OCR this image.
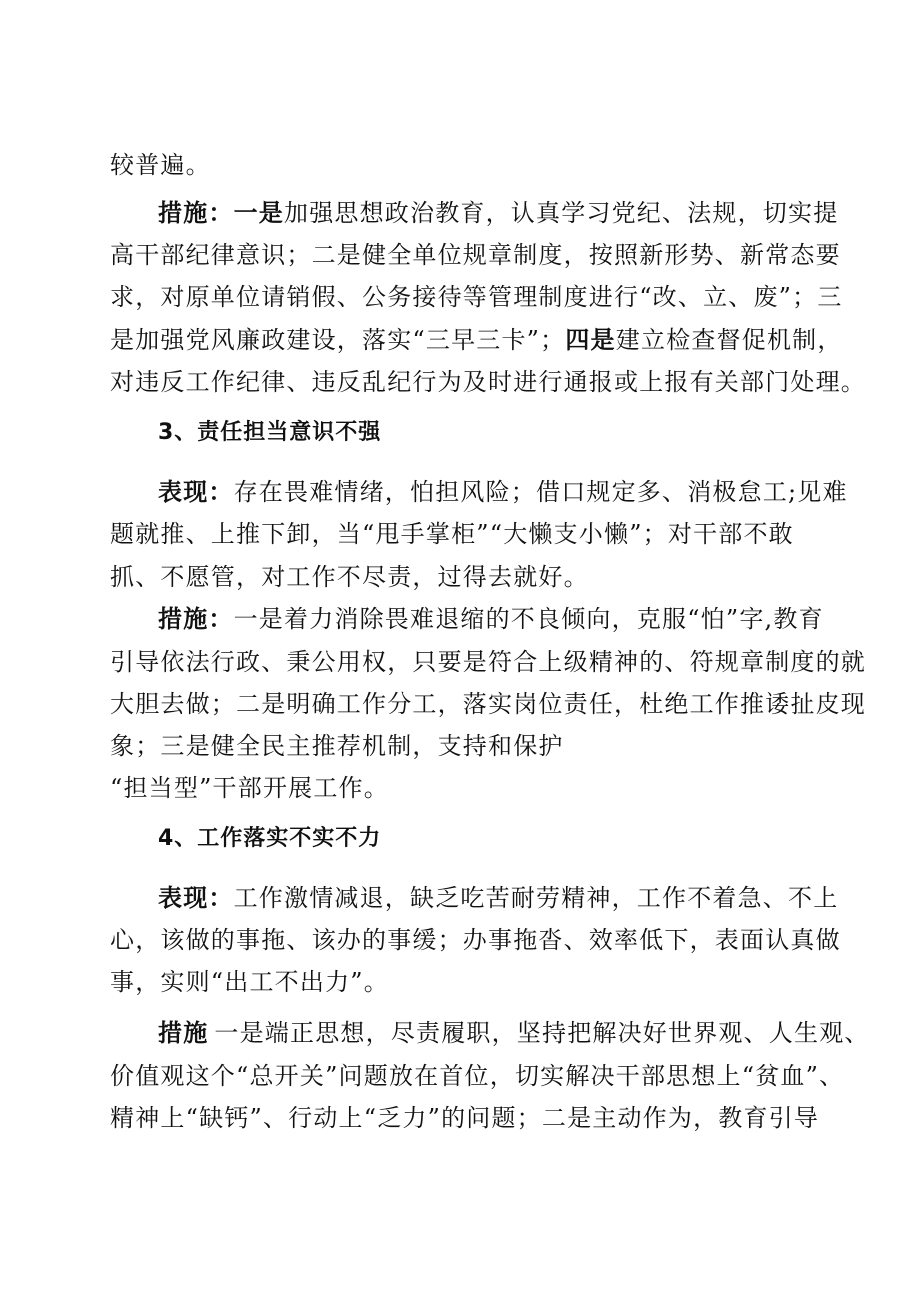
较普遍。
措施：一是加强思想政治教育，认真学习党纪、法规，切实提
高干部纪律意识；二是健全单位规章制度，按照新形势、新常态要
求，对原单位请销假、公务接待等管理制度进行“改、立、废”；三
是加强党风廉政建设，落实“三早三卡”；四是建立检查督促机制，
对违反工作纪律、违反乱纪行为及时进行通报或上报有关部门处理。
3、责任担当意识不强
表现：存在畏难情绪，怕担风险；借口规定多、消极怠工;见难
题就推、上推下卸，当“甩手掌柜”“大懒支小懒”；对干部不敢
抓、不愿管，对工作不尽责，过得去就好。
措施：一是着力消除畏难退缩的不良倾向，克服“怕”字,教育
引导依法行政、秉公用权，只要是符合上级精神的、符规章制度的就
大胆去做；二是明确工作分工，落实岗位责任，杜绝工作推诿扯皮现
象；三是健全民主推荐机制，支持和保护
“担当型”干部开展工作。
4、工作落实不实不力
表现：工作激情减退，缺乏吃苦耐劳精神，工作不着急、不上
心，该做的事拖、该办的事缓；办事拖沓、效率低下，表面认真做
事，实则“出工不出力”。
措施 一是端正思想，尽责履职，坚持把解决好世界观、人生观、
价值观这个“总开关”问题放在首位，切实解决干部思想上“贫血”、
精神上“缺钙”、行动上“乏力”的问题；二是主动作为，教育引导
